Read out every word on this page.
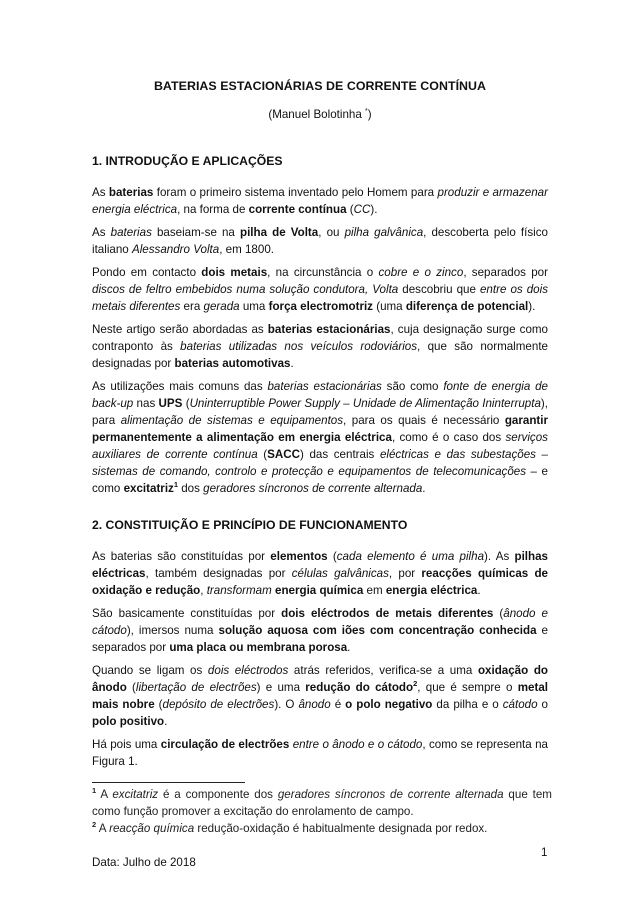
BATERIAS ESTACIONÁRIAS DE CORRENTE CONTÍNUA
(Manuel Bolotinha *)
1. INTRODUÇÃO E APLICAÇÕES

As baterias foram o primeiro sistema inventado pelo Homem para produzir e armazenar energia eléctrica, na forma de corrente contínua (CC).

As baterias baseiam-se na pilha de Volta, ou pilha galvânica, descoberta pelo físico italiano Alessandro Volta, em 1800.

Pondo em contacto dois metais, na circunstância o cobre e o zinco, separados por discos de feltro embebidos numa solução condutora, Volta descobriu que entre os dois metais diferentes era gerada uma força electromotriz (uma diferença de potencial).

Neste artigo serão abordadas as baterias estacionárias, cuja designação surge como contraponto às baterias utilizadas nos veículos rodoviários, que são normalmente designadas por baterias automotivas.

As utilizações mais comuns das baterias estacionárias são como fonte de energia de back-up nas UPS (Uninterruptible Power Supply – Unidade de Alimentação Ininterrupta), para alimentação de sistemas e equipamentos, para os quais é necessário garantir permanentemente a alimentação em energia eléctrica, como é o caso dos serviços auxiliares de corrente contínua (SACC) das centrais eléctricas e das subestações – sistemas de comando, controlo e protecção e equipamentos de telecomunicações – e como excitatriz$^1$ dos geradores síncronos de corrente alternada.

2. CONSTITUIÇÃO E PRINCÍPIO DE FUNCIONAMENTO

As baterias são constituídas por elementos (cada elemento é uma pilha). As pilhas eléctricas, também designadas por células galvânicas, por reacções químicas de oxidação e redução, transformam energia química em energia eléctrica.

São basicamente constituídas por dois eléctrodos de metais diferentes (ânodo e cátodo), imersos numa solução aquosa com iões com concentração conhecida e separados por uma placa ou membrana porosa.

Quando se ligam os dois eléctrodos atrás referidos, verifica-se a uma oxidação do ânodo (libertação de electrões) e uma redução do cátodo$^2$, que é sempre o metal mais nobre (depósito de electrões). O ânodo é o polo negativo da pilha e o cátodo o polo positivo.

Há pois uma circulação de electrões entre o ânodo e o cátodo, como se representa na Figura 1.

$^1$ A excitatriz é a componente dos geradores síncronos de corrente alternada que tem como função promover a excitação do enrolamento de campo.

$^2$ A reacção química redução-oxidação é habitualmente designada por redox.

1
Data: Julho de 2018
